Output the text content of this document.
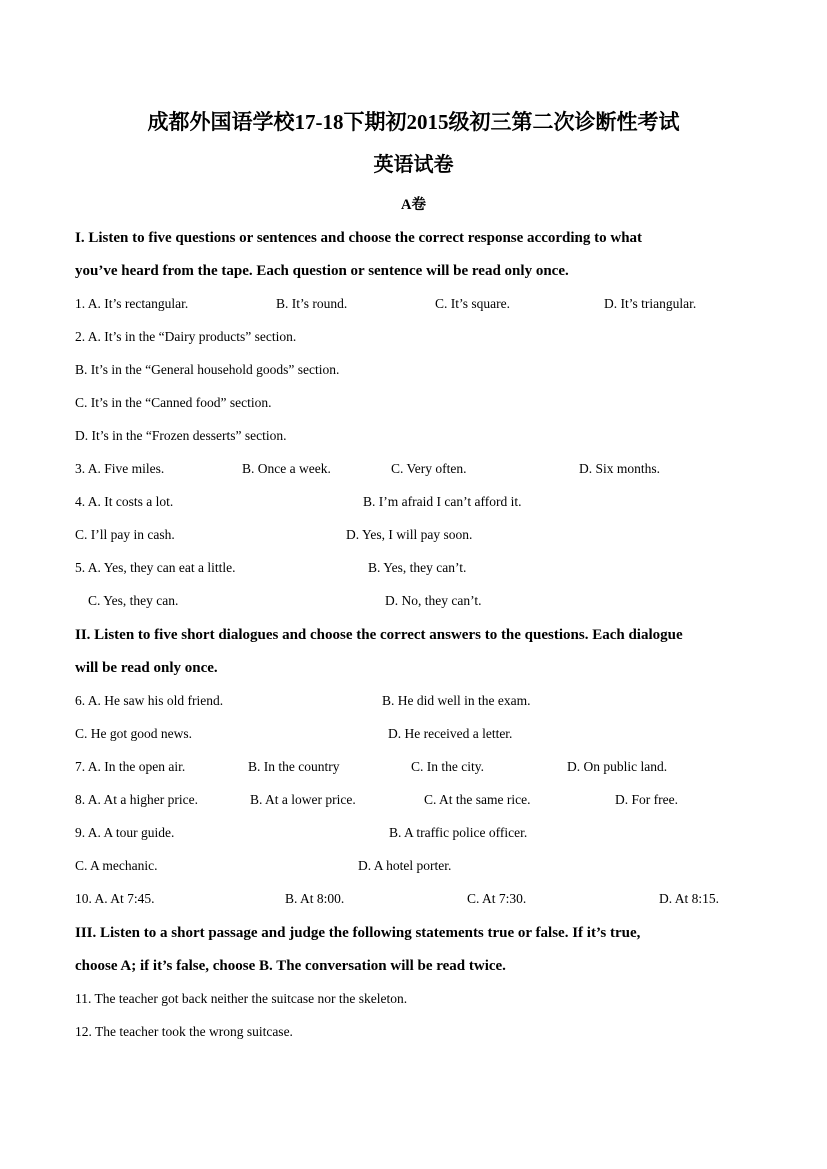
成都外国语学校17-18下期初2015级初三第二次诊断性考试
英语试卷
A卷
I. Listen to five questions or sentences and choose the correct response according to what
you’ve heard from the tape. Each question or sentence will be read only once.
1. A. It’s rectangular.	B. It’s round.	C. It’s square.	D. It’s triangular.
2. A. It’s in the “Dairy products” section.
B. It’s in the “General household goods” section.
C. It’s in the “Canned food” section.
D. It’s in the “Frozen desserts” section.
3. A. Five miles.	B. Once a week.	C. Very often.	D. Six months.
4. A. It costs a lot.	B. I’m afraid I can’t afford it.
C. I’ll pay in cash.	D. Yes, I will pay soon.
5. A. Yes, they can eat a little.	B. Yes, they can’t.
C. Yes, they can.	D. No, they can’t.
II. Listen to five short dialogues and choose the correct answers to the questions. Each dialogue
will be read only once.
6. A. He saw his old friend.	B. He did well in the exam.
C. He got good news.	D. He received a letter.
7. A. In the open air.	B. In the country	C. In the city.	D. On public land.
8. A. At a higher price.	B. At a lower price.	C. At the same rice.	D. For free.
9. A. A tour guide.	B. A traffic police officer.
C. A mechanic.	D. A hotel porter.
10. A. At 7:45.	B. At 8:00.	C. At 7:30.	D. At 8:15.
III. Listen to a short passage and judge the following statements true or false. If it’s true,
choose A; if it’s false, choose B. The conversation will be read twice.
11. The teacher got back neither the suitcase nor the skeleton.
12. The teacher took the wrong suitcase.
